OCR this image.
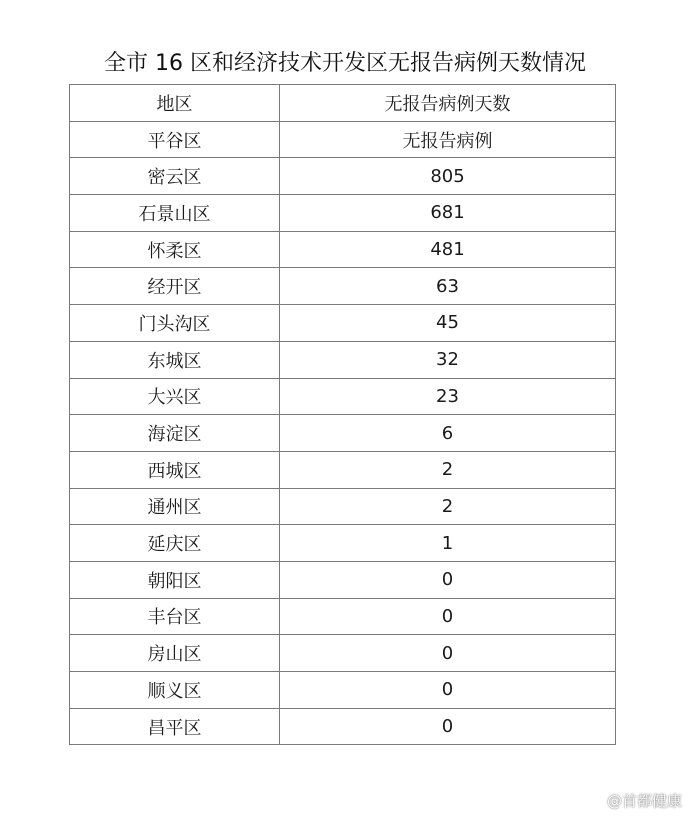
全市 16 区和经济技术开发区无报告病例天数情况
地区	无报告病例天数
平谷区	无报告病例
密云区	805
石景山区	681
怀柔区	481
经开区	63
门头沟区	45
东城区	32
大兴区	23
海淀区	6
西城区	2
通州区	2
延庆区	1
朝阳区	0
丰台区	0
房山区	0
顺义区	0
昌平区	0
@首都健康
